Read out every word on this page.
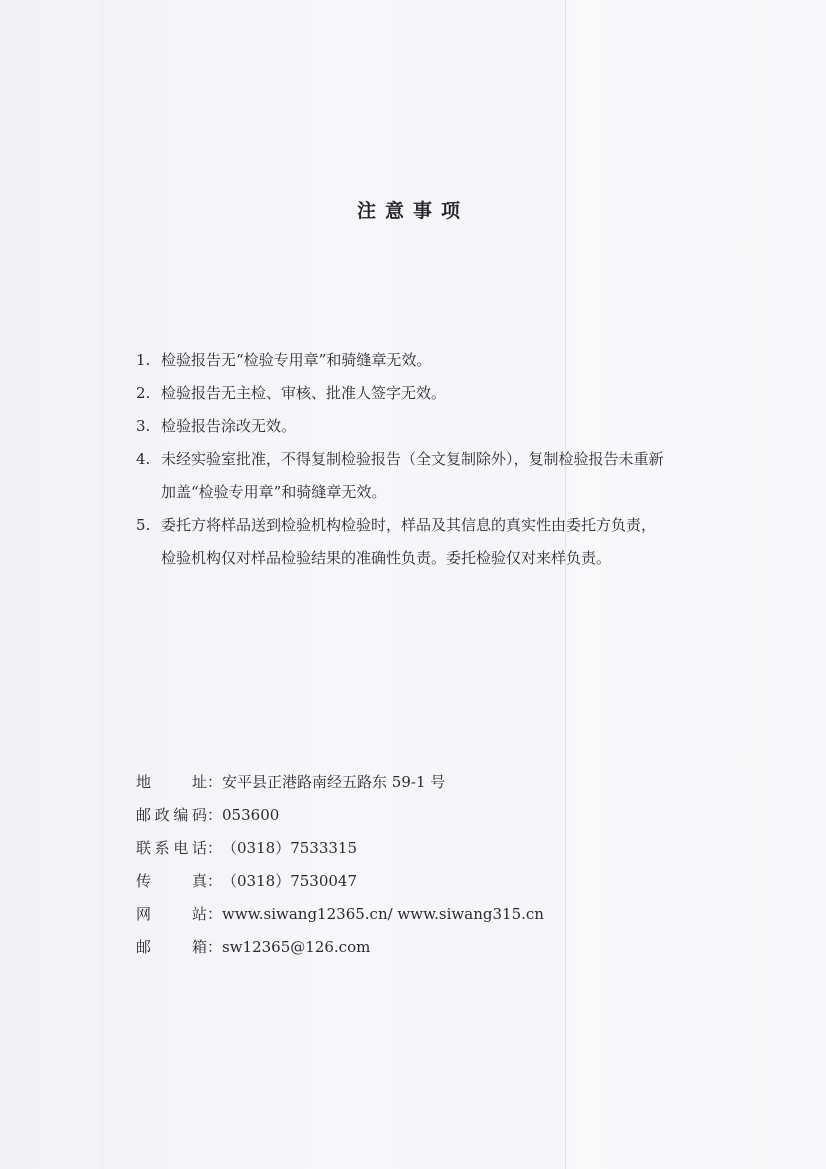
注意事项
1. 检验报告无“检验专用章”和骑缝章无效。
2. 检验报告无主检、审核、批准人签字无效。
3. 检验报告涂改无效。
4. 未经实验室批准，不得复制检验报告（全文复制除外），复制检验报告未重新
加盖“检验专用章”和骑缝章无效。
5. 委托方将样品送到检验机构检验时，样品及其信息的真实性由委托方负责，
检验机构仅对样品检验结果的准确性负责。委托检验仅对来样负责。
地址：安平县正港路南经五路东 59-1 号
邮政编码：053600
联系电话：（0318）7533315
传真：（0318）7530047
网站：www.siwang12365.cn/ www.siwang315.cn
邮箱：sw12365@126.com
